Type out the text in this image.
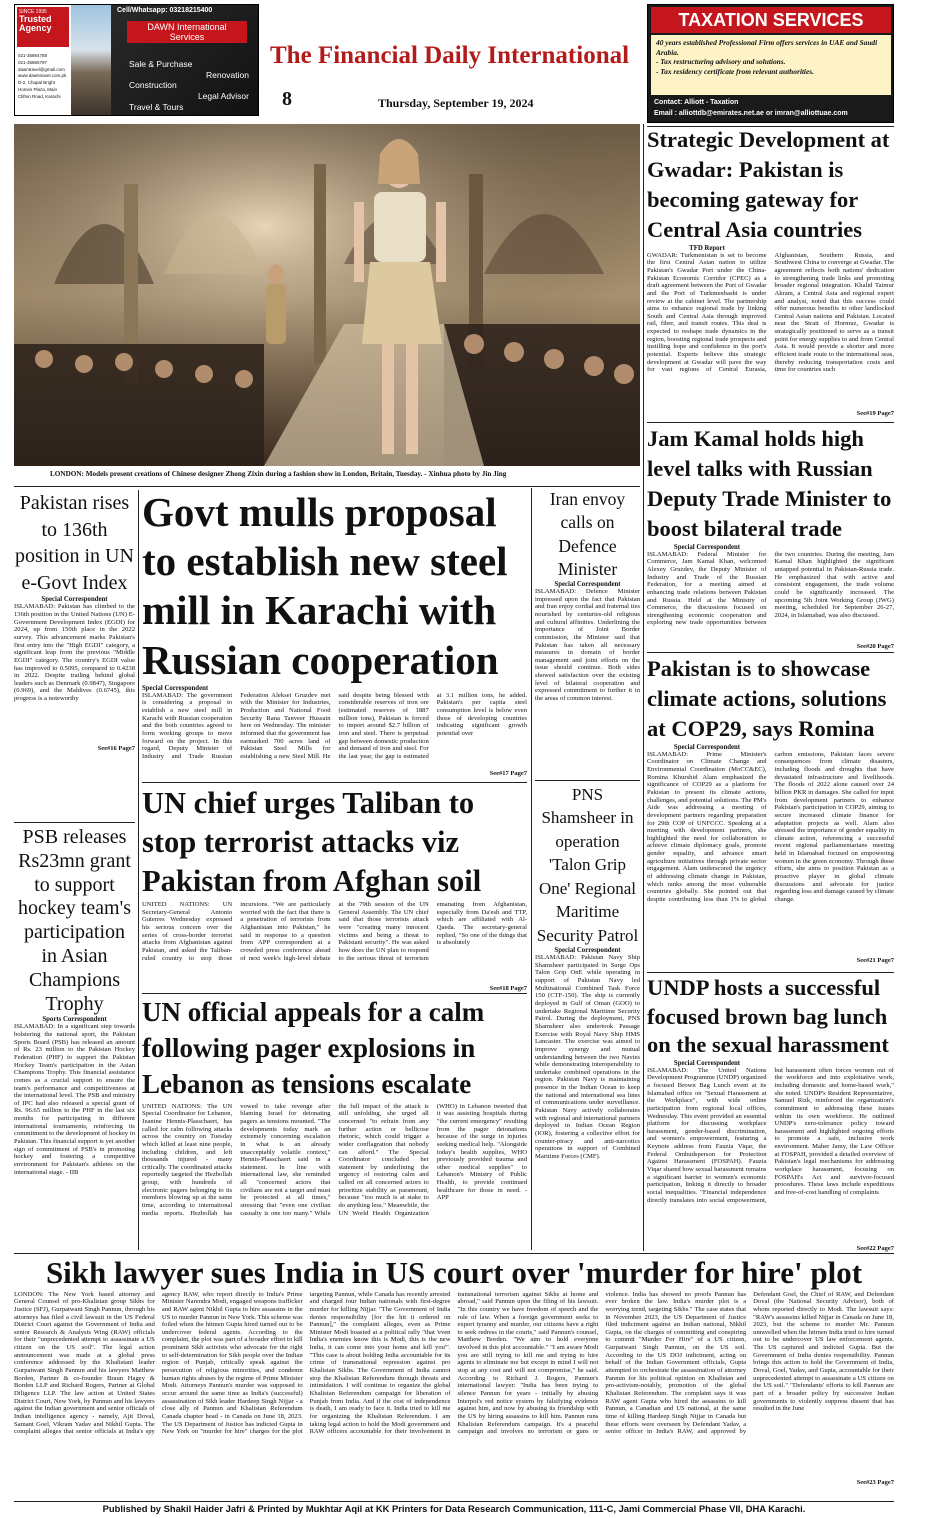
SINCE 1995
Trusted
Agency
021-35864788
021-35865797
dawntravel@gmail.com
www.dawntravel.com.pk
D-2, Chapal Bright Homes Plaza, Main Clifton Road, Karachi
Cell/Whatsapp: 03218215400
DAWN International Services
Sale & Purchase
Renovation
Construction
Legal Advisor
Travel & Tours
The Financial Daily International
8	Thursday, September 19, 2024
TAXATION SERVICES
40 years established Professional Firm offers services in UAE and Saudi Arabia.
- Tax restructuring advisory and solutions.
- Tax residency certificate from relevant authorities.
Contact: Alliott - Taxation
Email : alliottdb@emirates.net.ae or imran@alliottuae.com
LONDON: Models present creations of Chinese designer Zhong Zixin during a fashion show in London, Britain, Tuesday. - Xinhua photo by Jin Jing
Strategic Development at Gwadar: Pakistan is becoming gateway for Central Asia countries
TFD Report
GWADAR: Turkmenistan is set to become the first Central Asian nation to utilize Pakistan's Gwadar Port under the China-Pakistan Economic Corridor (CPEC) as a draft agreement between the Port of Gwadar and the Port of Turkmenbashi is under review at the cabinet level. The partnership aims to enhance regional trade by linking South and Central Asia through improved rail, fiber, and transit routes. This deal is expected to reshape trade dynamics in the region, boosting regional trade prospects and instilling hope and confidence in the port's potential. Experts believe this strategic development at Gwadar will pave the way for vast regions of Central Eurasia, Afghanistan, Southern Russia, and Southwest China to converge at Gwadar. The agreement reflects both nations' dedication to strengthening trade links and promoting broader regional integration. Khalid Taimur Akram, a Central Asia and regional expert and analyst, noted that this success could offer numerous benefits to other landlocked Central Asian nations and Pakistan. Located near the Strait of Hormuz, Gwadar is strategically positioned to serve as a transit point for energy supplies to and from Central Asia. It would provide a shorter and more efficient trade route to the international seas, thereby reducing transportation costs and time for countries such
See#19 Page7
Jam Kamal holds high level talks with Russian Deputy Trade Minister to boost bilateral trade
Special Correspondent
ISLAMABAD: Federal Minister for Commerce, Jam Kamal Khan, welcomed Alexey Gruzdev, the Deputy Minister of Industry and Trade of the Russian Federation, for a meeting aimed at enhancing trade relations between Pakistan and Russia. Held at the Ministry of Commerce, the discussions focused on strengthening economic cooperation and exploring new trade opportunities between the two countries. During the meeting, Jam Kamal Khan highlighted the significant untapped potential in Pakistan-Russia trade. He emphasized that with active and consistent engagement, the trade volume could be significantly increased. The upcoming 5th Joint Working Group (JWG) meeting, scheduled for September 26-27, 2024, in Islamabad, was also discussed.
See#20 Page7
Pakistan is to showcase climate actions, solutions at COP29, says Romina
Special Correspondent
ISLAMABAD: Prime Minister's Coordinator on Climate Change and Environmental Coordination (MoCC&EC), Romina Khurshid Alam emphasized the significance of COP29 as a platform for Pakistan to present its climate actions, challenges, and potential solutions. The PM's Aide was addressing a meeting of development partners regarding preparation for 29th COP of UNFCCC. Speaking at a meeting with development partners, she highlighted the need for collaboration to achieve climate diplomacy goals, promote gender equality, and advance smart agriculture initiatives through private sector engagement. Alam underscored the urgency of addressing climate change in Pakistan, which ranks among the most vulnerable countries globally. She pointed out that despite contributing less than 1% to global carbon emissions, Pakistan faces severe consequences from climate disasters, including floods and droughts that have devastated infrastructure and livelihoods. The floods of 2022 alone caused over 24 billion PKR in damages. She called for input from development partners to enhance Pakistan's participation in COP29, aiming to secure increased climate finance for adaptation projects as well. Alam also stressed the importance of gender equality in climate action, referencing a successful recent regional parliamentarians meeting held in Islamabad focused on empowering women in the green economy. Through these efforts, she aims to position Pakistan as a proactive player in global climate discussions and advocate for justice regarding loss and damage caused by climate change.
See#21 Page7
UNDP hosts a successful focused brown bag lunch on the sexual harassment
Special Correspondent
ISLAMABAD: The United Nations Development Programme (UNDP) organized a focused Brown Bag Lunch event at its Islamabad office on "Sexual Harassment at the Workplace", with wide online participation from regional local offices, Wednesday. This event provided an essential platform for discussing workplace harassment, gender-based discrimination, and women's empowerment, featuring a Keynote address from Fauzia Viqar, the Federal Ombudsperson for Protection Against Harassment (FOSPAH). Fauzia Viqar shared how sexual harassment remains a significant barrier to women's economic participation, linking it directly to broader social inequalities. "Financial independence directly translates into social empowerment, but harassment often forces women out of the workforce and into exploitative work, including domestic and home-based work," she noted. UNDP's Resident Representative, Samuel Rizk, reinforced the organization's commitment to addressing these issues within its own workforce. He outlined UNDP's zero-tolerance policy toward harassment and highlighted ongoing efforts to promote a safe, inclusive work environment. Maher Jamy, the Law Officer at FOSPAH, provided a detailed overview of Pakistan's legal mechanisms for addressing workplace harassment, focusing on FOSPAH's Act and survivor-focused procedures. These laws include expeditious and free-of-cost handling of complaints
See#22 Page7
Pakistan rises to 136th position in UN e-Govt Index
Special Correspondent
ISLAMABAD: Pakistan has climbed to the 136th position in the United Nations (UN) E-Government Development Index (EGDI) for 2024, up from 150th place in the 2022 survey. This advancement marks Pakistan's first entry into the "High EGDI" category, a significant leap from the previous "Middle EGDI" category. The country's EGDI value has improved to 0.5095, compared to 0.4238 in 2022. Despite trailing behind global leaders such as Denmark (0.9847), Singapore (0.969), and the Maldives (0.6745), this progress is a noteworthy
See#16 Page7
PSB releases Rs23mn grant to support hockey team's participation in Asian Champions Trophy
Sports Correspondent
ISLAMABAD: In a significant step towards bolstering the national sport, the Pakistan Sports Board (PSB) has released an amount of Rs. 23 million to the Pakistan Hockey Federation (PHF) to support the Pakistan Hockey Team's participation in the Asian Champions Trophy. This financial assistance comes as a crucial support to ensure the team's performance and competitiveness at the international level. The PSB and ministry of IPC had also released a special grant of Rs. 96.65 million to the PHF in the last six months for participating in different international tournaments, reinforcing its commitment to the development of hockey in Pakistan. This financial support is yet another sign of commitment of PSB's in promoting hockey and fostering a competitive environment for Pakistan's athletes on the international stage. - IIB
Govt mulls proposal to establish new steel mill in Karachi with Russian cooperation
Special Correspondent
ISLAMABAD: The government is considering a proposal to establish a new steel mill in Karachi with Russian cooperation and the both countries agreed to form working groups to move forward on the project. In this regard, Deputy Minister of Industry and Trade Russian Federation Aleksei Gruzdev met with the Minister for Industries, Production and National Food Security Rana Tanveer Hussain here on Wednesday. The minister informed that the government has earmarked 700 acres land of Pakistan Steel Mills for establishing a new Steel Mill. He said despite being blessed with considerable reserves of iron ore (estimated reserves of 1887 million tons), Pakistan is forced to import around $2.7 billion of iron and steel. There is perpetual gap between domestic production and demand of iron and steel. For the last year, the gap is estimated at 3.1 million tons, he added. Pakistan's per capita steel consumption level is below even those of developing countries indicating significant growth potential over
See#17 Page7
UN chief urges Taliban to stop terrorist attacks viz Pakistan from Afghan soil
UNITED NATIONS: UN Secretary-General Antonio Guterres Wednesday expressed his serious concern over the series of cross-border terrorist attacks from Afghanistan against Pakistan, and asked the Taliban-ruled country to stop those incursions. "We are particularly worried with the fact that there is a penetration of terrorists from Afghanistan into Pakistan," he said in response to a question from APP correspondent at a crowded press conference ahead of next week's high-level debate at the 79th session of the UN General Assembly. The UN chief said that those terrorists attack were "creating many innocent victims and being a threat to Pakistani security". He was asked how does the UN plan to respond to the serious threat of terrorism emanating from Afghanistan, especially from Da'esh and TTP, which are affiliated with Al-Qaeda. The secretary-general replied, "So one of the things that is absolutely
See#18 Page7
UN official appeals for a calm following pager explosions in Lebanon as tensions escalate
UNITED NATIONS: The UN Special Coordinator for Lebanon, Jeanine Hennis-Plasschaert, has called for calm following attacks across the country on Tuesday which killed at least nine people, including children, and left thousands injured - many critically. The coordinated attacks reportedly targeted the Hezbollah group, with hundreds of electronic pagers belonging to its members blowing up at the same time, according to international media reports. Hezbollah has vowed to take revenge after blaming Israel for detonating pagers as tensions mounted. "The developments today mark an extremely concerning escalation in what is an already unacceptably volatile context," Hennis-Plasschaert said in a statement. In line with international law, she reminded all "concerned actors that civilians are not a target and must be protected at all times," stressing that "even one civilian casualty is one too many." While the full impact of the attack is still unfolding, she urged all concerned "to refrain from any further action or bellicose rhetoric, which could trigger a wider conflagration that nobody can afford." The Special Coordinator concluded her statement by underlining the urgency of restoring calm and called on all concerned actors to prioritize stability as paramount, because "too much is at stake to do anything less." Meanwhile, the UN World Health Organization (WHO) in Lebanon tweeted that it was assisting hospitals during "the current emergency" resulting from the pager detonations because of the surge in injuries seeking medical help. "Alongside today's health supplies, WHO previously provided trauma and other medical supplies" to Lebanon's Ministry of Public Health, to provide continued healthcare for those in need. - APP
Iran envoy calls on Defence Minister
Special Correspondent
ISLAMABAD: Defence Minister impressed upon the fact that Pakistan and Iran enjoy cordial and fraternal ties nourished by centuries-old religious and cultural affinities. Underlining the importance of Joint Border commission, the Minister said that Pakistan has taken all necessary measures in domain of border management and joint efforts on the issue should continue. Both sides showed satisfaction over the existing level of bilateral cooperation and expressed commitment to further it in the areas of common interest.
PNS Shamsheer in operation 'Talon Grip One' Regional Maritime Security Patrol
Special Correspondent
ISLAMABAD: Pakistan Navy Ship Shamsheer participated in Surge Ops Talon Grip OnE while operating in support of Pakistan Navy led Multinational Combined Task Force 150 (CTF-150). The ship is currently deployed in Gulf of Oman (GOO) to undertake Regional Maritime Security Patrol. During the deployment, PNS Shamsheer also undertook Passage Exercise with Royal Navy Ship HMS Lancaster. The exercise was aimed to improve synergy and mutual understanding between the two Navies while demonstrating interoperability to undertake combined operations in the region. Pakistan Navy is maintaining presence in the Indian Ocean to keep the national and international sea lines of communications under surveillance. Pakistan Navy actively collaborates with regional and international partners deployed in Indian Ocean Region (IOR), fostering a collective effort for counter-piracy and anti-narcotics operations in support of Combined Maritime Forces (CMF).
Sikh lawyer sues India in US court over 'murder for hire' plot
LONDON: The New York based attorney and General Counsel of pro-Khalistan group Sikhs for Justice (SFJ), Gurpatwant Singh Pannun, through his attorneys has filed a civil lawsuit in the US Federal District Court against the Government of India and senior Research & Analysis Wing (RAW) officials for their "unprecedented attempt to assassinate a US citizen on the US soil". The legal action announcement was made at a global press conference addressed by the Khalistani leader Gurpatwant Singh Pannun and his lawyers Matthew Borden, Partner & co-founder Braun Hagey & Borden LLP and Richard Rogers, Partner at Global Diligence LLP. The law action at United States District Court, New York, by Pannun and his lawyers against the Indian government and senior officials of Indian intelligence agency - namely, Ajit Doval, Samant Goel, Vikram Yadav and Nikhil Gupta. The complaint alleges that senior officials at India's spy agency RAW, who report directly to India's Prime Minister Narendra Modi, engaged weapons trafficker and RAW agent Nikhil Gupta to hire assassins in the US to murder Pannun in New York. This scheme was foiled when the hitmen Gupta hired turned out to be undercover federal agents. According to the complaint, the plot was part of a broader effort to kill prominent Sikh activists who advocate for the right to self-determination for Sikh people over the Indian region of Punjab, critically speak against the persecution of religious minorities, and condemn human rights abuses by the regime of Prime Minister Modi. Attorneys Pannun's murder was supposed to occur around the same time as India's (successful) assassination of Sikh leader Hardeep Singh Nijjar - a close ally of Pannun and Khalistan Referendum Canada chapter head - in Canada on June 18, 2023. The US Department of Justice has indicted Gupta in New York on "murder for hire" charges for the plot targeting Pannun, while Canada has recently arrested and charged four Indian nationals with first-degree murder for killing Nijjar. "The Government of India denies responsibility [for the hit it ordered on Pannun]," the complaint alleges, even as Prime Minister Modi boasted at a political rally "that 'even India's enemies know this is Modi, this is the new India, it can come into your home and kill you'". "This case is about holding India accountable for its crime of transnational repression against pro Khalistan Sikhs. The Government of India cannot stop the Khalistan Referendum through threats and intimidation. I will continue to organize the global Khalistan Referendum campaign for liberation of Punjab from India. And if the cost of independence is death, I am ready to face it. India tried to kill me for organizing the Khalistan Referendum. I am taking legal action to hold the Modi government and RAW officers accountable for their involvement in transnational terrorism against Sikhs at home and abroad," said Pannun upon the filing of his lawsuit. "In this country we have freedom of speech and the rule of law. When a foreign government seeks to export tyranny and murder, our citizens have a right to seek redress in the courts," said Pannun's counsel, Matthew Borden. "We aim to hold everyone involved in this plot accountable." "I am aware Modi you are still trying to kill me and trying to hire agents to eliminate me but except in mind I will not stop at any cost and will not compromise," he said. According to Richard J. Rogers, Pannun's international lawyer: "India has been trying to silence Pannun for years - initially by abusing Interpol's red notice system by falsifying evidence against him, and now by abusing its friendship with the US by hiring assassins to kill him. Pannun runs Khalistan Referendum campaign. It's a peaceful campaign and involves no terrorism or guns or violence. India has showed no proofs Pannun has ever broken the law. India's murder plot is a worrying trend, targeting Sikhs." The case states that in November 2023, the US Department of Justice filed indictment against an Indian national, Nikhil Gupta, on the charges of committing and conspiring to commit "Murder For Hire" of a US citizen, Gurpatwant Singh Pannun, on the US soil. According to the US DOJ indictment, acting on behalf of the Indian Government officials, Gupta attempted to orchestrate the assassination of attorney Pannun for his political opinion on Khalistan and pro-activism-notably, promotion of the global Khalistan Referendum. The complaint says it was RAW agent Gupta who hired the assassins to kill Pannun, a Canadian and US national, at the same time of killing Hardeep Singh Nijjar in Canada but these efforts were overseen by Defendant Yadav, a senior officer in India's RAW, and approved by Defendant Goel, the Chief of RAW, and Defendant Doval (the National Security Advisor), both of whom reported directly to Modi. The lawsuit says: "RAW's assassins killed Nijjar in Canada on June 18, 2023, but the scheme to murder Mr. Pannun unravelled when the hitmen India tried to hire turned out to be undercover US law enforcement agents. The US captured and indicted Gupta. But the Government of India denies responsibility. Pannun brings this action to hold the Government of India, Doval, Goel, Yadav, and Gupta, accountable for their unprecedented attempt to assassinate a US citizen on the US soil." "Defendants' efforts to kill Pannun are part of a broader policy by successive Indian governments to violently suppress dissent that has resulted in the June
See#23 Page7
Published by Shakil Haider Jafri & Printed by Mukhtar Aqil at KK Printers for Data Research Communication, 111-C, Jami Commercial Phase VII, DHA Karachi.
